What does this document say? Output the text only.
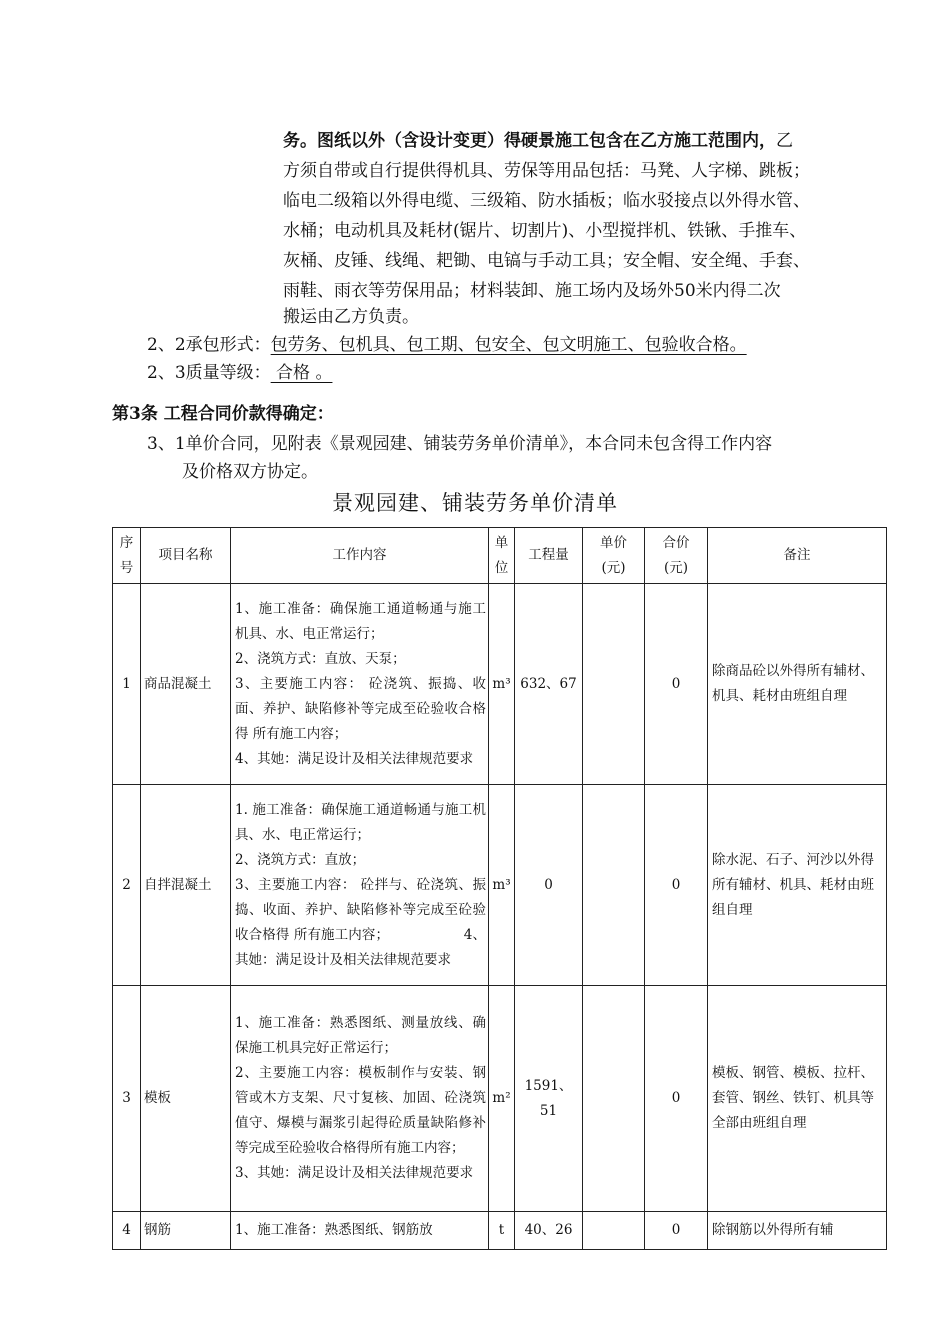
务。图纸以外（含设计变更）得硬景施工包含在乙方施工范围内，乙
方须自带或自行提供得机具、劳保等用品包括：马凳、人字梯、跳板；
临电二级箱以外得电缆、三级箱、防水插板；临水驳接点以外得水管、
水桶；电动机具及耗材(锯片、切割片)、小型搅拌机、铁锹、手推车、
灰桶、皮锤、线绳、耙锄、电镐与手动工具；安全帽、安全绳、手套、
雨鞋、雨衣等劳保用品；材料装卸、施工场内及场外50米内得二次
搬运由乙方负责。
2、2承包形式：包劳务、包机具、包工期、包安全、包文明施工、包验收合格。
2、3质量等级： 合格 。
第3条 工程合同价款得确定：
3、1单价合同，见附表《景观园建、铺装劳务单价清单》，本合同未包含得工作内容
及价格双方协定。
景观园建、铺装劳务单价清单
序
号	项目名称	工作内容	单
位	工程量	单价
(元)	合价
(元)	备注
1	商品混凝土	1、施工准备：确保施工通道畅通与施工机具、水、电正常运行；
2、浇筑方式：直放、天泵；
3、主要施工内容： 砼浇筑、振捣、收面、养护、缺陷修补等完成至砼验收合格得 所有施工内容；
4、其她：满足设计及相关法律规范要求	m³	632、67		0	除商品砼以外得所有辅材、机具、耗材由班组自理
2	自拌混凝土	1. 施工准备：确保施工通道畅通与施工机具、水、电正常运行；
2、浇筑方式：直放；
3、主要施工内容： 砼拌与、砼浇筑、振捣、收面、养护、缺陷修补等完成至砼验收合格得 所有施工内容；                 4、其她：满足设计及相关法律规范要求	m³	0		0	除水泥、石子、河沙以外得所有辅材、机具、耗材由班组自理
3	模板	1、施工准备：熟悉图纸、测量放线、确保施工机具完好正常运行；
2、主要施工内容：模板制作与安装、钢管或木方支架、尺寸复核、加固、砼浇筑值守、爆模与漏浆引起得砼质量缺陷修补等完成至砼验收合格得所有施工内容；
3、其她：满足设计及相关法律规范要求	m²	1591、51		0	模板、钢管、模板、拉杆、套管、钢丝、铁钉、机具等全部由班组自理
4	钢筋	1、施工准备：熟悉图纸、钢筋放	t	40、26		0	除钢筋以外得所有辅
